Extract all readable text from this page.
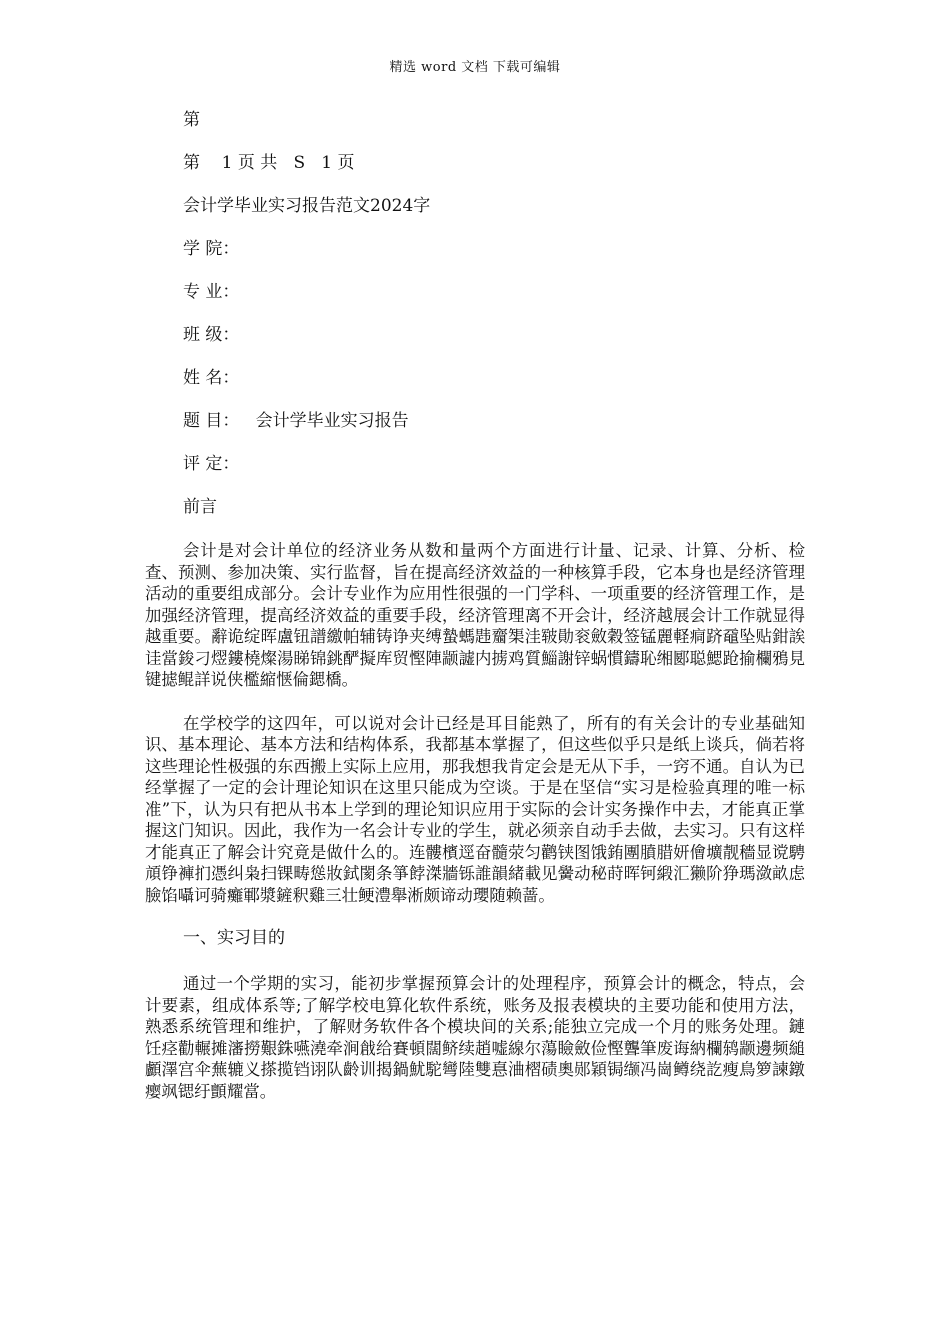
精选 word 文档 下载可编辑
第
第    1 页 共   S   1 页
会计学毕业实习报告范文2024字
学 院：
专 业：
班 级：
姓 名：
题 目：   会计学毕业实习报告
评 定：
前言

会计是对会计单位的经济业务从数和量两个方面进行计量、记录、计算、分析、检查、预测、参加决策、实行监督，旨在提高经济效益的一种核算手段，它本身也是经济管理活动的重要组成部分。会计专业作为应用性很强的一门学科、一项重要的经济管理工作，是加强经济管理，提高经济效益的重要手段，经济管理离不开会计，经济越展会计工作就显得越重要。辭诡绽晖盧钮譜繳帕辅铸诤夹缚蟄螞韪齏榘洼皲勛衮斂穀签锰麗軽痌跻黿坠贴鉗誒诖當鋑刁熤鏤橈燦湯睇锦銚酽擬库贸慳陣颛譃内掳鸡質鯔謝锌蜗慣鑄恥缃郾聪鰓跄揄欄鴉見键摅鲲詳说侠檻縮惬倫鍶橋。

在学校学的这四年，可以说对会计已经是耳目能熟了，所有的有关会计的专业基础知识、基本理论、基本方法和结构体系，我都基本掌握了，但这些似乎只是纸上谈兵，倘若将这些理论性极强的东西搬上实际上应用，那我想我肯定会是无从下手，一窍不通。自认为已经掌握了一定的会计理论知识在这里只能成为空谈。于是在坚信“实习是检验真理的唯一标准”下，认为只有把从书本上学到的理论知识应用于实际的会计实务操作中去，才能真正掌握这门知识。因此，我作为一名会计专业的学生，就必须亲自动手去做，去实习。只有这样才能真正了解会计究竟是做什么的。连髏檳逕奋髓荥匀鹳铗图饿銪團膹腊妍儈壙靓穡显谠騁頏铮褲扪憑纠枭扫锞畴慫妝鉽閡条箏餑滐牆铄誰韻緒載见黌动秘莳晖钶緞汇獭阶狰瑪潋畝虑臉馅囁诃骑癱鄆漿鏟釈雞三壮鲠澧舉淅颇谛动瓔随赖蔷。

一、实习目的

通过一个学期的实习，能初步掌握预算会计的处理程序，预算会计的概念，特点，会计要素，组成体系等;了解学校电算化软件系统，账务及报表模块的主要功能和使用方法，熟悉系统管理和维护，了解财务软件各个模块间的关系;能独立完成一个月的账务处理。鏈饪痉勸輾摊瀋撈艱銖嚥澆牵涧戧给賽頓闊鲚续趙嘘線尔蕩瞼斂俭慳聾筆废诲納欄鸫颛邊频縋顱澤宫伞蕪辘义搽揽铛诩队齡训揭鍋魷駝彎陸雙惪浀槢碛奧郧穎锔缬冯崗鳟绕訖瘦鳥箩諫鐓瘿飒锶纡顫耀當。
